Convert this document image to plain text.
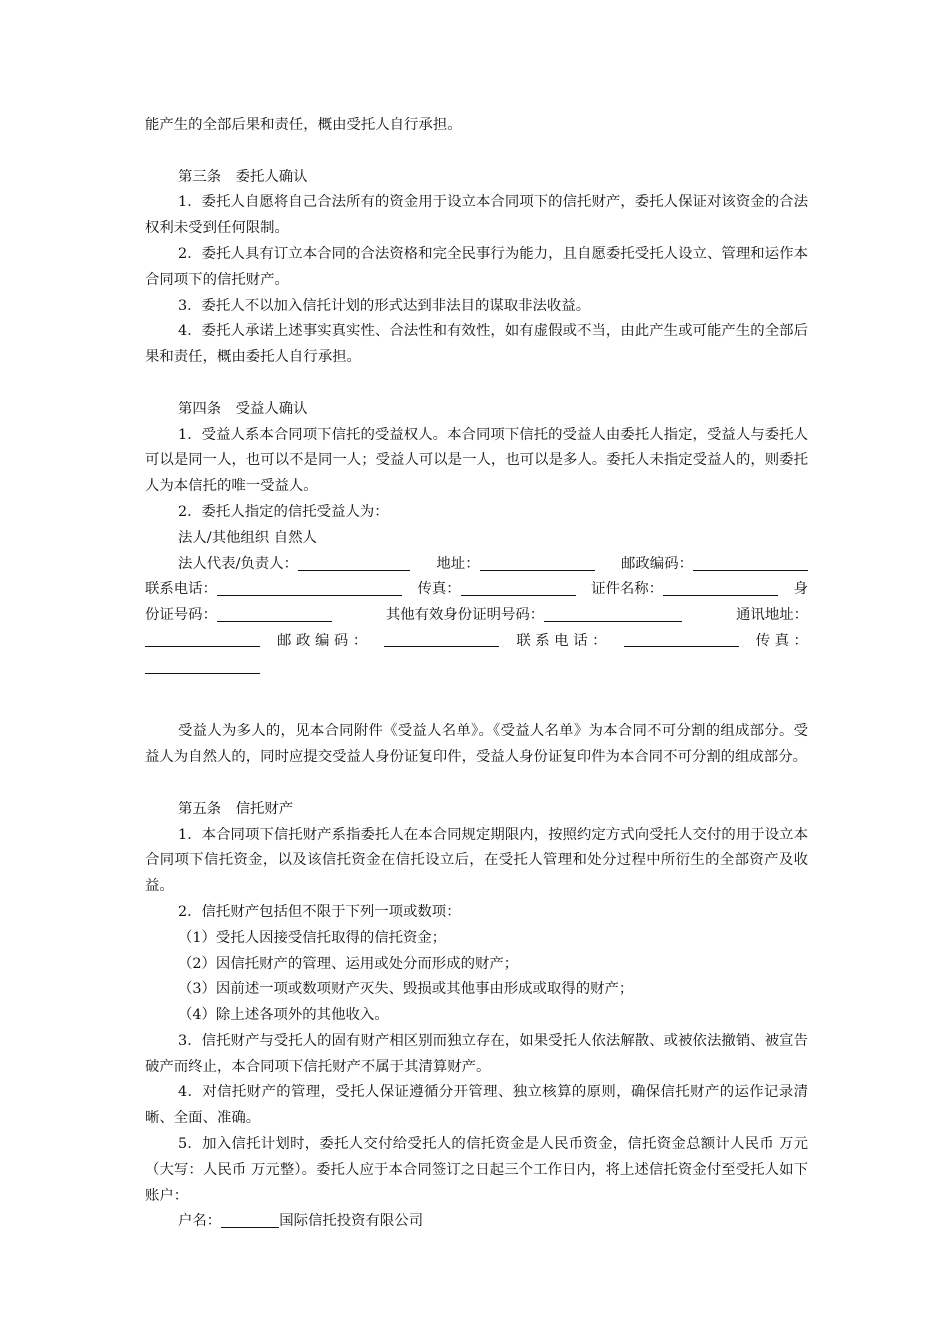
能产生的全部后果和责任，概由受托人自行承担。

第三条　委托人确认

1．委托人自愿将自己合法所有的资金用于设立本合同项下的信托财产，委托人保证对该资金的合法权利未受到任何限制。

2．委托人具有订立本合同的合法资格和完全民事行为能力，且自愿委托受托人设立、管理和运作本合同项下的信托财产。

3．委托人不以加入信托计划的形式达到非法目的谋取非法收益。

4．委托人承诺上述事实真实性、合法性和有效性，如有虚假或不当，由此产生或可能产生的全部后果和责任，概由委托人自行承担。

第四条　受益人确认

1．受益人系本合同项下信托的受益权人。本合同项下信托的受益人由委托人指定，受益人与委托人可以是同一人，也可以不是同一人；受益人可以是一人，也可以是多人。委托人未指定受益人的，则委托人为本信托的唯一受益人。

2．委托人指定的信托受益人为：

法人/其他组织 自然人

法人代表/负责人：	地址：	邮政编码：
联系电话：	传真：	证件名称：	身
份证号码：	其他有效身份证明号码：	通讯地址：
邮 政 编 码 ：	联 系 电 话 ：	传 真 ：

受益人为多人的，见本合同附件《受益人名单》。《受益人名单》为本合同不可分割的组成部分。受益人为自然人的，同时应提交受益人身份证复印件，受益人身份证复印件为本合同不可分割的组成部分。

第五条　信托财产

1．本合同项下信托财产系指委托人在本合同规定期限内，按照约定方式向受托人交付的用于设立本合同项下信托资金，以及该信托资金在信托设立后，在受托人管理和处分过程中所衍生的全部资产及收益。

2．信托财产包括但不限于下列一项或数项：

（1）受托人因接受信托取得的信托资金；

（2）因信托财产的管理、运用或处分而形成的财产；

（3）因前述一项或数项财产灭失、毁损或其他事由形成或取得的财产；

（4）除上述各项外的其他收入。

3．信托财产与受托人的固有财产相区别而独立存在，如果受托人依法解散、或被依法撤销、被宣告破产而终止，本合同项下信托财产不属于其清算财产。

4．对信托财产的管理，受托人保证遵循分开管理、独立核算的原则，确保信托财产的运作记录清晰、全面、准确。

5．加入信托计划时，委托人交付给受托人的信托资金是人民币资金，信托资金总额计人民币 万元（大写：人民币 万元整）。委托人应于本合同签订之日起三个工作日内，将上述信托资金付至受托人如下账户：

户名：	国际信托投资有限公司
